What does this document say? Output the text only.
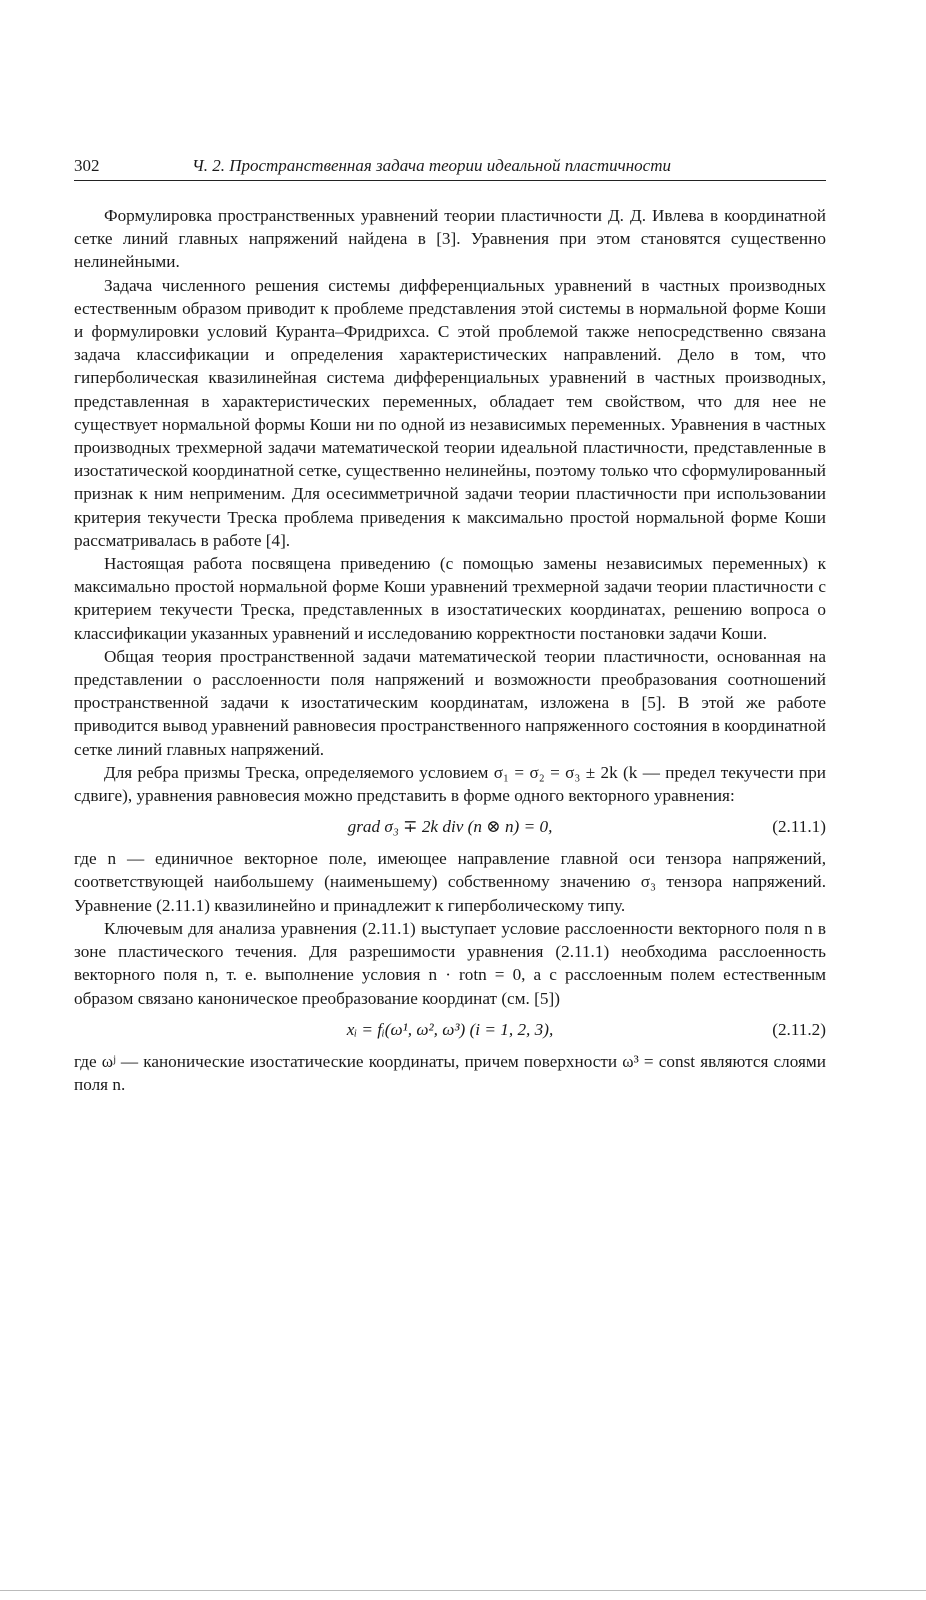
302	Ч. 2. Пространственная задача теории идеальной пластичности

Формулировка пространственных уравнений теории пластичности Д. Д. Ивлева в координатной сетке линий главных напряжений найдена в [3]. Уравнения при этом становятся существенно нелинейными.

Задача численного решения системы дифференциальных уравнений в частных производных естественным образом приводит к проблеме представления этой системы в нормальной форме Коши и формулировки условий Куранта–Фридрихса. С этой проблемой также непосредственно связана задача классификации и определения характеристических направлений. Дело в том, что гиперболическая квазилинейная система дифференциальных уравнений в частных производных, представленная в характеристических переменных, обладает тем свойством, что для нее не существует нормальной формы Коши ни по одной из независимых переменных. Уравнения в частных производных трехмерной задачи математической теории идеальной пластичности, представленные в изостатической координатной сетке, существенно нелинейны, поэтому только что сформулированный признак к ним неприменим. Для осесимметричной задачи теории пластичности при использовании критерия текучести Треска проблема приведения к максимально простой нормальной форме Коши рассматривалась в работе [4].

Настоящая работа посвящена приведению (с помощью замены независимых переменных) к максимально простой нормальной форме Коши уравнений трехмерной задачи теории пластичности с критерием текучести Треска, представленных в изостатических координатах, решению вопроса о классификации указанных уравнений и исследованию корректности постановки задачи Коши.

Общая теория пространственной задачи математической теории пластичности, основанная на представлении о расслоенности поля напряжений и возможности преобразования соотношений пространственной задачи к изостатическим координатам, изложена в [5]. В этой же работе приводится вывод уравнений равновесия пространственного напряженного состояния в координатной сетке линий главных напряжений.

Для ребра призмы Треска, определяемого условием σ₁ = σ₂ = σ₃ ± 2k (k — предел текучести при сдвиге), уравнения равновесия можно представить в форме одного векторного уравнения:

grad σ₃ ∓ 2k div (n ⊗ n) = 0,	(2.11.1)

где n — единичное векторное поле, имеющее направление главной оси тензора напряжений, соответствующей наибольшему (наименьшему) собственному значению σ₃ тензора напряжений. Уравнение (2.11.1) квазилинейно и принадлежит к гиперболическому типу.

Ключевым для анализа уравнения (2.11.1) выступает условие расслоенности векторного поля n в зоне пластического течения. Для разрешимости уравнения (2.11.1) необходима расслоенность векторного поля n, т. е. выполнение условия n · rotn = 0, а с расслоенным полем естественным образом связано каноническое преобразование координат (см. [5])

xᵢ = fᵢ(ω¹, ω², ω³) (i = 1, 2, 3),	(2.11.2)

где ωʲ — канонические изостатические координаты, причем поверхности ω³ = const являются слоями поля n.
